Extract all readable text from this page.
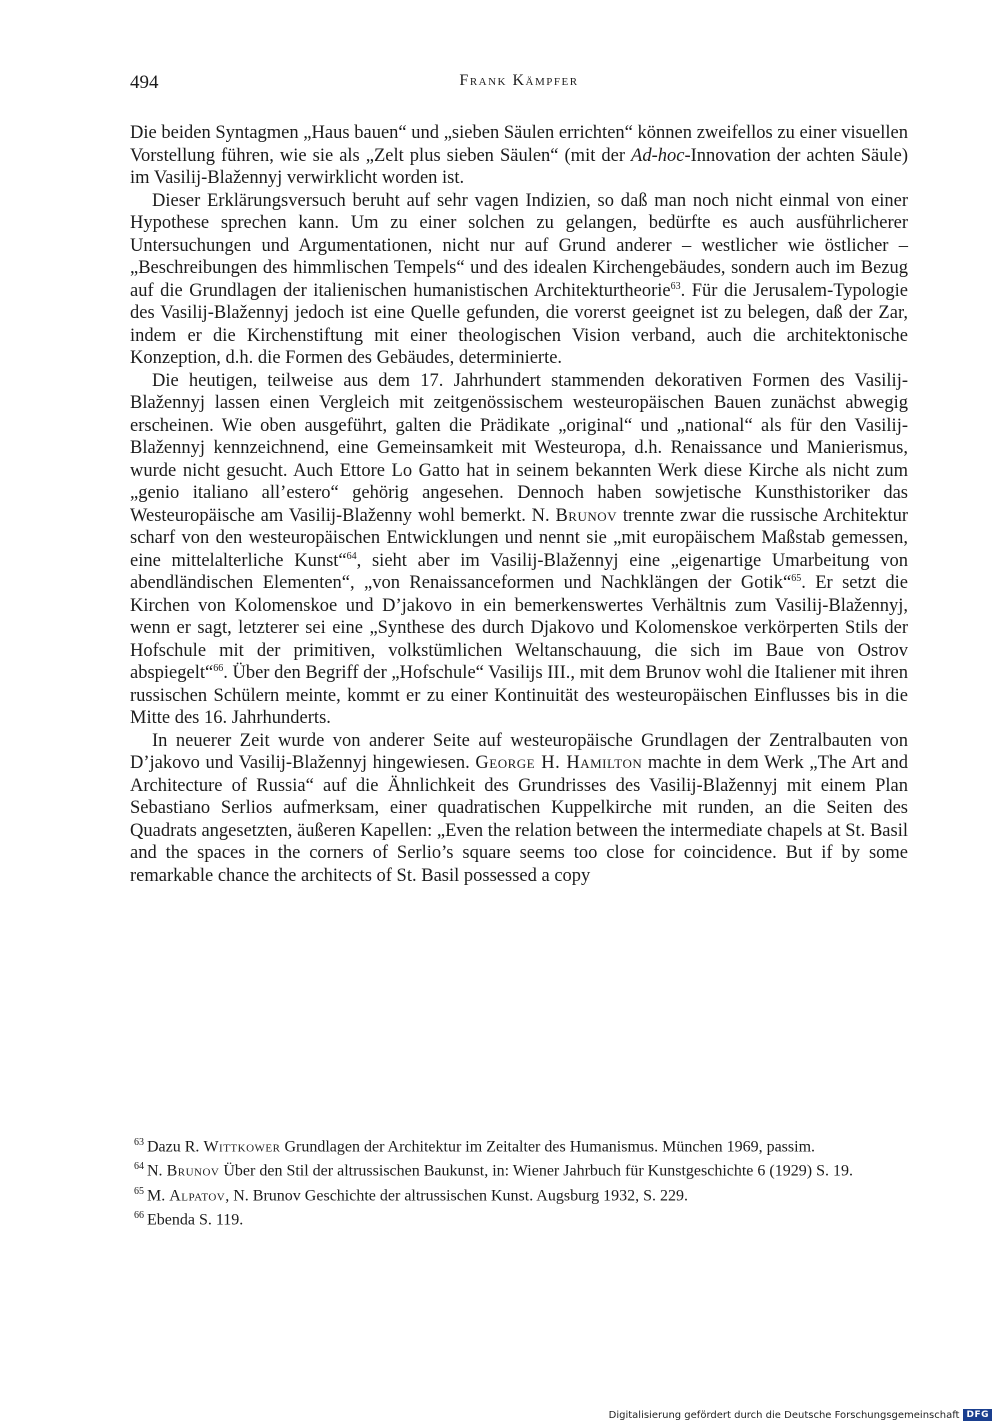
494	Frank Kämpfer

Die beiden Syntagmen „Haus bauen“ und „sieben Säulen errichten“ können zweifellos zu einer visuellen Vorstellung führen, wie sie als „Zelt plus sieben Säulen“ (mit der Ad-hoc-Innovation der achten Säule) im Vasilij-Blažennyj verwirklicht worden ist.

Dieser Erklärungsversuch beruht auf sehr vagen Indizien, so daß man noch nicht einmal von einer Hypothese sprechen kann. Um zu einer solchen zu gelangen, bedürfte es auch ausführlicherer Untersuchungen und Argumentationen, nicht nur auf Grund anderer – westlicher wie östlicher – „Beschreibungen des himmlischen Tempels“ und des idealen Kirchengebäudes, sondern auch im Bezug auf die Grundlagen der italienischen humanistischen Architekturtheorie$^{63}$. Für die Jerusalem-Typologie des Vasilij-Blažennyj jedoch ist eine Quelle gefunden, die vorerst geeignet ist zu belegen, daß der Zar, indem er die Kirchenstiftung mit einer theologischen Vision verband, auch die architektonische Konzeption, d.h. die Formen des Gebäudes, determinierte.

Die heutigen, teilweise aus dem 17. Jahrhundert stammenden dekorativen Formen des Vasilij-Blažennyj lassen einen Vergleich mit zeitgenössischem westeuropäischen Bauen zunächst abwegig erscheinen. Wie oben ausgeführt, galten die Prädikate „original“ und „national“ als für den Vasilij-Blažennyj kennzeichnend, eine Gemeinsamkeit mit Westeuropa, d.h. Renaissance und Manierismus, wurde nicht gesucht. Auch Ettore Lo Gatto hat in seinem bekannten Werk diese Kirche als nicht zum „genio italiano all’estero“ gehörig angesehen. Dennoch haben sowjetische Kunsthistoriker das Westeuropäische am Vasilij-Blaženny wohl bemerkt. N. Brunov trennte zwar die russische Architektur scharf von den westeuropäischen Entwicklungen und nennt sie „mit europäischem Maßstab gemessen, eine mittelalterliche Kunst“$^{64}$, sieht aber im Vasilij-Blažennyj eine „eigenartige Umarbeitung von abendländischen Elementen“, „von Renaissanceformen und Nachklängen der Gotik“$^{65}$. Er setzt die Kirchen von Kolomenskoe und D’jakovo in ein bemerkenswertes Verhältnis zum Vasilij-Blažennyj, wenn er sagt, letzterer sei eine „Synthese des durch Djakovo und Kolomenskoe verkörperten Stils der Hofschule mit der primitiven, volkstümlichen Weltanschauung, die sich im Baue von Ostrov abspiegelt“$^{66}$. Über den Begriff der „Hofschule“ Vasilijs III., mit dem Brunov wohl die Italiener mit ihren russischen Schülern meinte, kommt er zu einer Kontinuität des westeuropäischen Einflusses bis in die Mitte des 16. Jahrhunderts.

In neuerer Zeit wurde von anderer Seite auf westeuropäische Grundlagen der Zentralbauten von D’jakovo und Vasilij-Blažennyj hingewiesen. George H. Hamilton machte in dem Werk „The Art and Architecture of Russia“ auf die Ähnlichkeit des Grundrisses des Vasilij-Blažennyj mit einem Plan Sebastiano Serlios aufmerksam, einer quadratischen Kuppelkirche mit runden, an die Seiten des Quadrats angesetzten, äußeren Kapellen: „Even the relation between the intermediate chapels at St. Basil and the spaces in the corners of Serlio’s square seems too close for coincidence. But if by some remarkable chance the architects of St. Basil possessed a copy

$^{63}$ Dazu R. Wittkower Grundlagen der Architektur im Zeitalter des Humanismus. München 1969, passim.

$^{64}$ N. Brunov Über den Stil der altrussischen Baukunst, in: Wiener Jahrbuch für Kunstgeschichte 6 (1929) S. 19.

$^{65}$ M. Alpatov, N. Brunov Geschichte der altrussischen Kunst. Augsburg 1932, S. 229.

$^{66}$ Ebenda S. 119.

Digitalisierung gefördert durch die Deutsche Forschungsgemeinschaft DFG
